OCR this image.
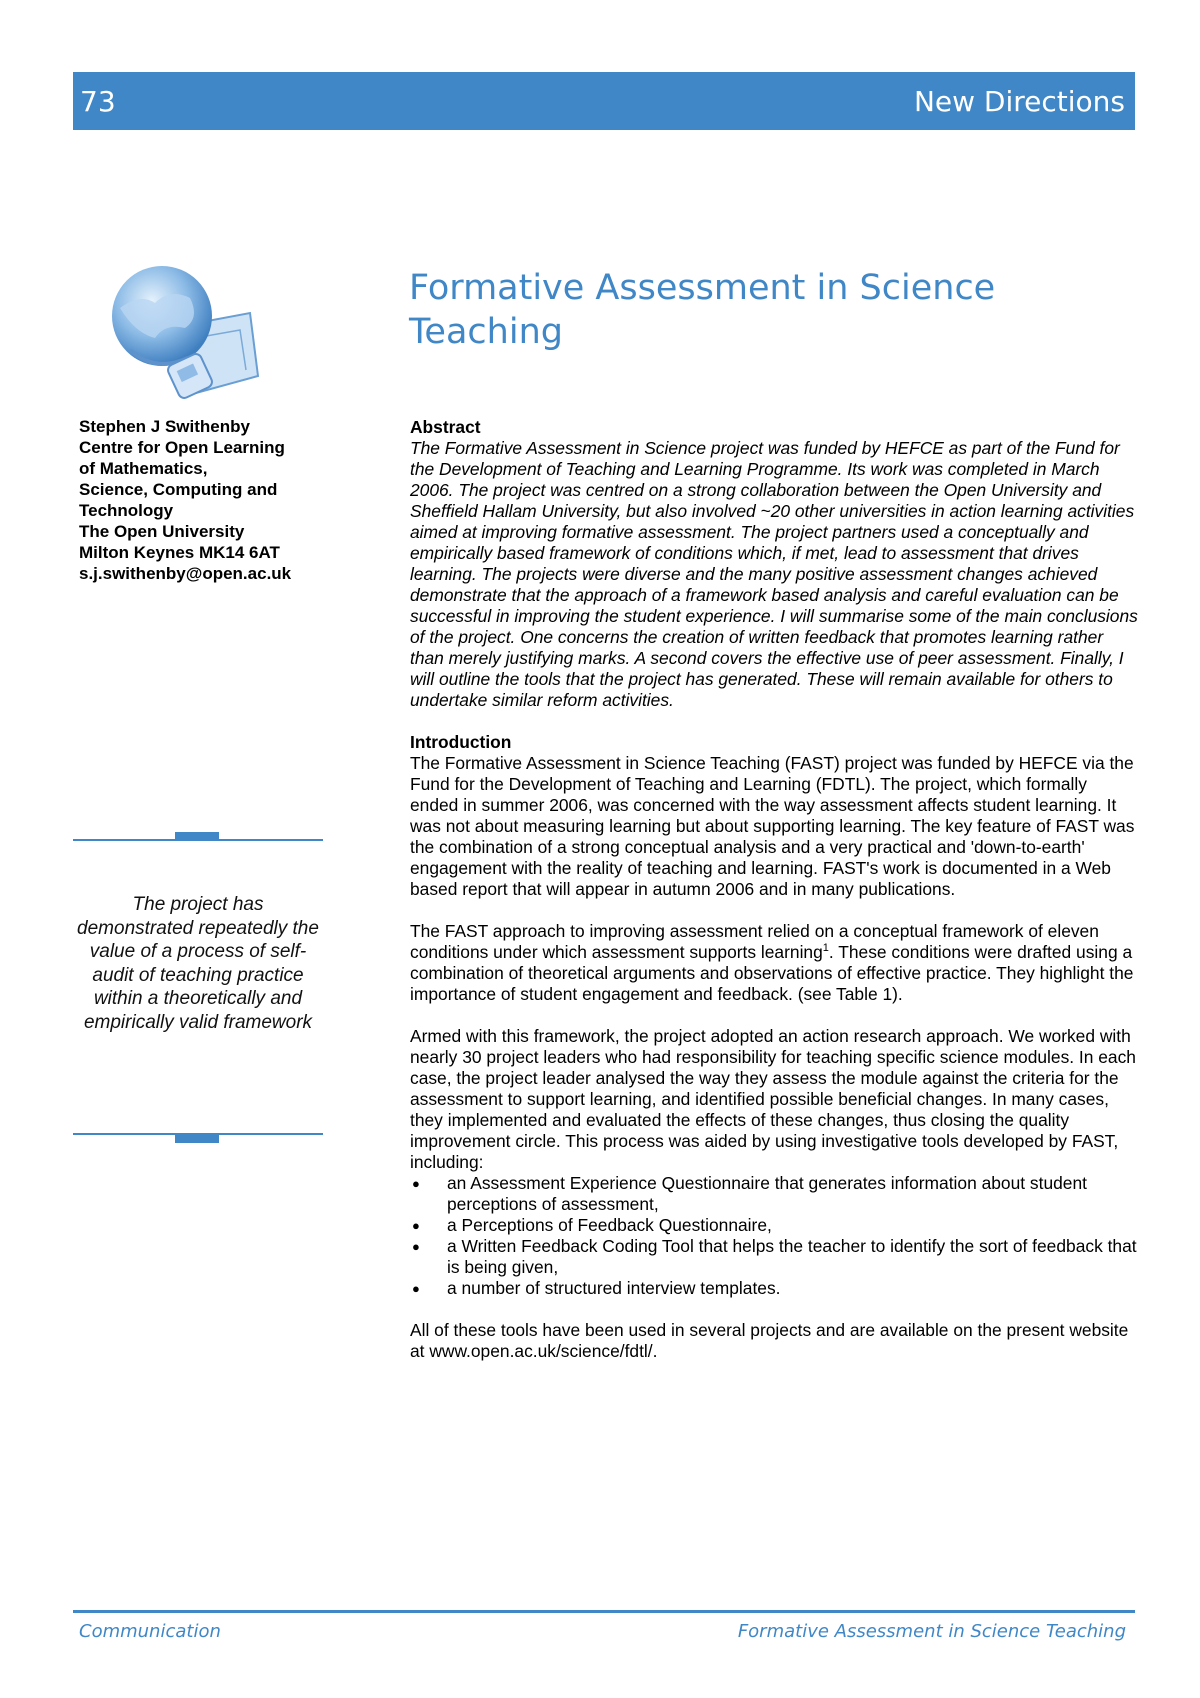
73	New Directions
Stephen J Swithenby
Centre for Open Learning
of Mathematics,
Science, Computing and
Technology
The Open University
Milton Keynes MK14 6AT
s.j.swithenby@open.ac.uk
The project has demonstrated repeatedly the value of a process of self-audit of teaching practice within a theoretically and empirically valid framework
Formative Assessment in Science Teaching
Abstract

The Formative Assessment in Science project was funded by HEFCE as part of the Fund for the Development of Teaching and Learning Programme. Its work was completed in March 2006. The project was centred on a strong collaboration between the Open University and Sheffield Hallam University, but also involved ~20 other universities in action learning activities aimed at improving formative assessment. The project partners used a conceptually and empirically based framework of conditions which, if met, lead to assessment that drives learning. The projects were diverse and the many positive assessment changes achieved demonstrate that the approach of a framework based analysis and careful evaluation can be successful in improving the student experience. I will summarise some of the main conclusions of the project. One concerns the creation of written feedback that promotes learning rather than merely justifying marks. A second covers the effective use of peer assessment. Finally, I will outline the tools that the project has generated. These will remain available for others to undertake similar reform activities.

Introduction

The Formative Assessment in Science Teaching (FAST) project was funded by HEFCE via the Fund for the Development of Teaching and Learning (FDTL). The project, which formally ended in summer 2006, was concerned with the way assessment affects student learning. It was not about measuring learning but about supporting learning. The key feature of FAST was the combination of a strong conceptual analysis and a very practical and 'down-to-earth' engagement with the reality of teaching and learning. FAST's work is documented in a Web based report that will appear in autumn 2006 and in many publications.

The FAST approach to improving assessment relied on a conceptual framework of eleven conditions under which assessment supports learning$^1$. These conditions were drafted using a combination of theoretical arguments and observations of effective practice. They highlight the importance of student engagement and feedback. (see Table 1).

Armed with this framework, the project adopted an action research approach. We worked with nearly 30 project leaders who had responsibility for teaching specific science modules. In each case, the project leader analysed the way they assess the module against the criteria for the assessment to support learning, and identified possible beneficial changes. In many cases, they implemented and evaluated the effects of these changes, thus closing the quality improvement circle. This process was aided by using investigative tools developed by FAST, including:

● an Assessment Experience Questionnaire that generates information about student perceptions of assessment,
● a Perceptions of Feedback Questionnaire,
● a Written Feedback Coding Tool that helps the teacher to identify the sort of feedback that is being given,
● a number of structured interview templates.

All of these tools have been used in several projects and are available on the present website at www.open.ac.uk/science/fdtl/.

Communication	Formative Assessment in Science Teaching
